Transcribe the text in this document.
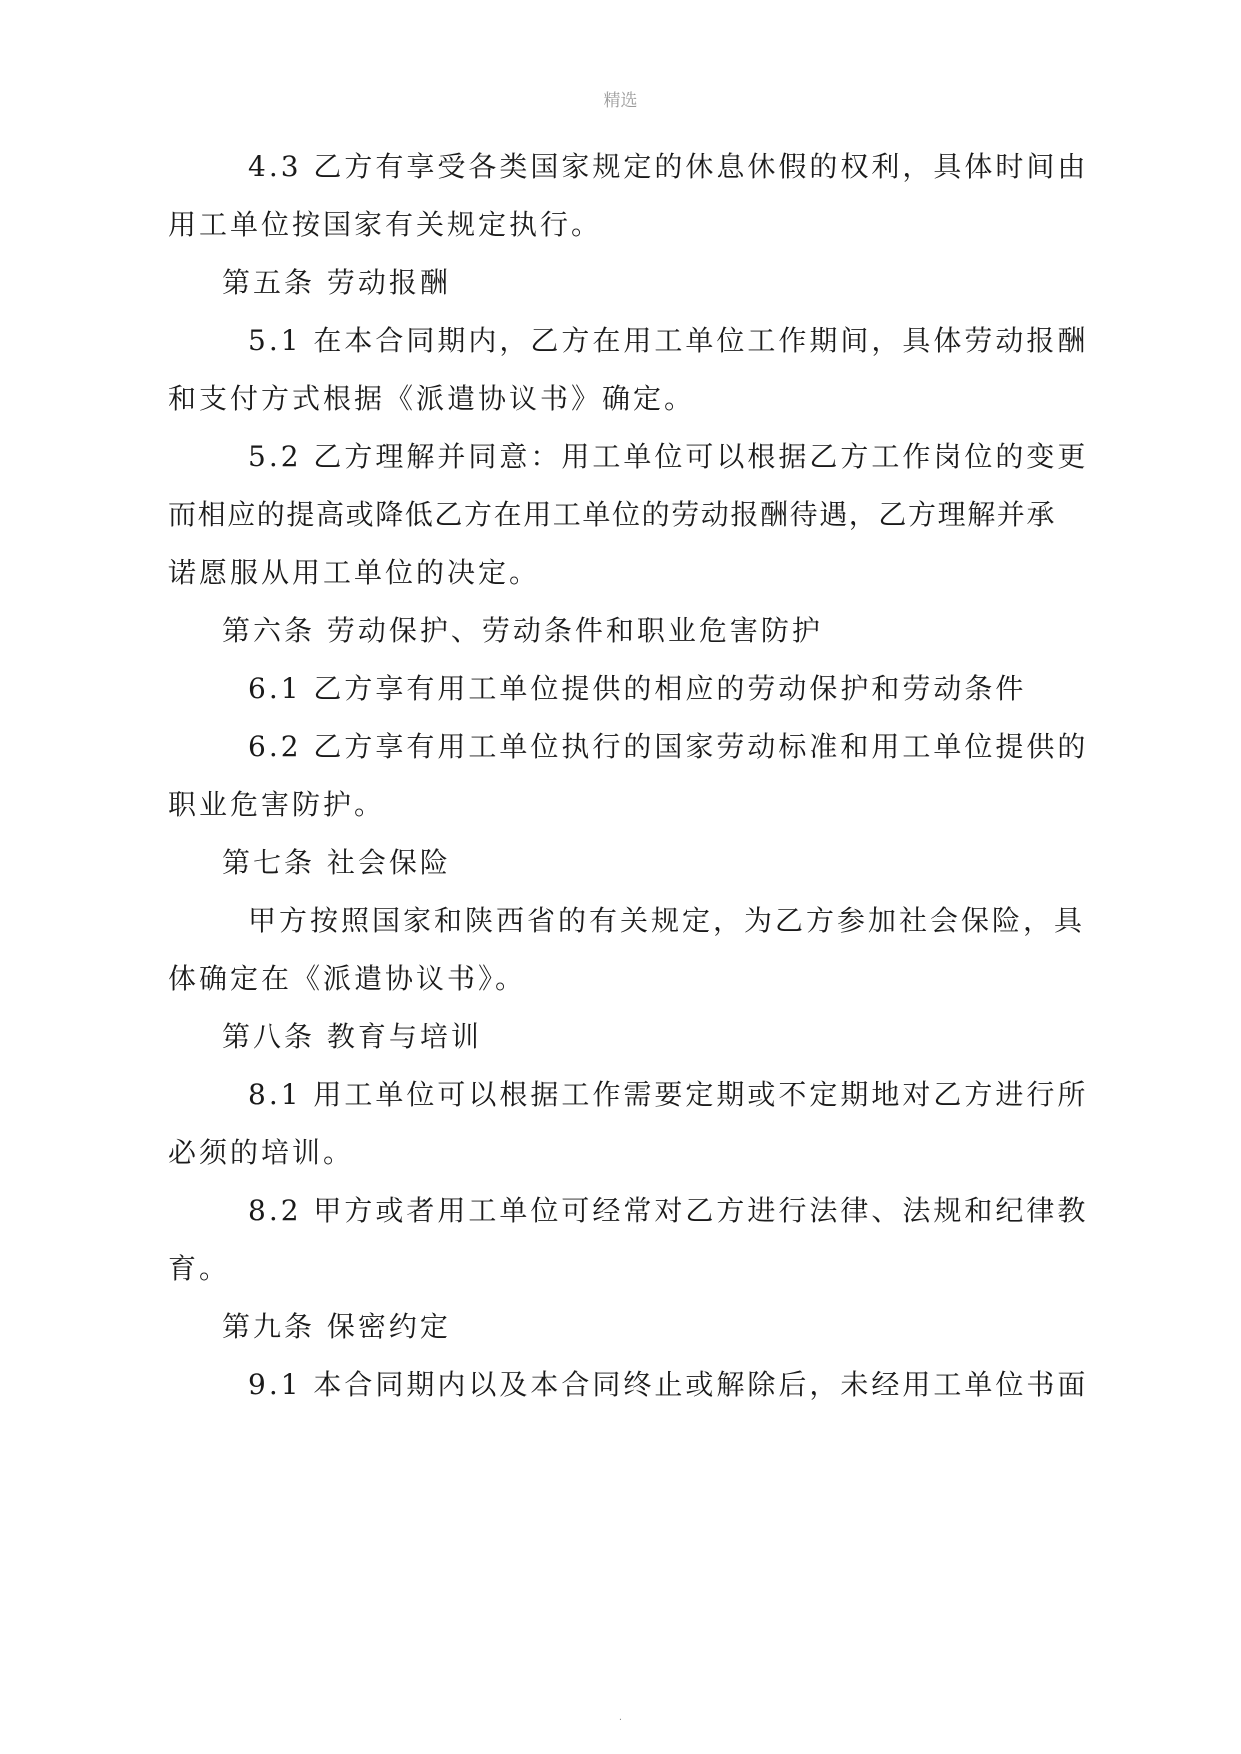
精选
4.3 乙方有享受各类国家规定的休息休假的权利，具体时间由
用工单位按国家有关规定执行。
第五条 劳动报酬
5.1 在本合同期内，乙方在用工单位工作期间，具体劳动报酬
和支付方式根据《派遣协议书》确定。
5.2 乙方理解并同意：用工单位可以根据乙方工作岗位的变更
而相应的提高或降低乙方在用工单位的劳动报酬待遇，乙方理解并承
诺愿服从用工单位的决定。
第六条 劳动保护、劳动条件和职业危害防护
6.1 乙方享有用工单位提供的相应的劳动保护和劳动条件
6.2 乙方享有用工单位执行的国家劳动标准和用工单位提供的
职业危害防护。
第七条 社会保险
甲方按照国家和陕西省的有关规定，为乙方参加社会保险，具
体确定在《派遣协议书》。
第八条 教育与培训
8.1 用工单位可以根据工作需要定期或不定期地对乙方进行所
必须的培训。
8.2 甲方或者用工单位可经常对乙方进行法律、法规和纪律教
育。
第九条 保密约定
9.1 本合同期内以及本合同终止或解除后，未经用工单位书面
.
